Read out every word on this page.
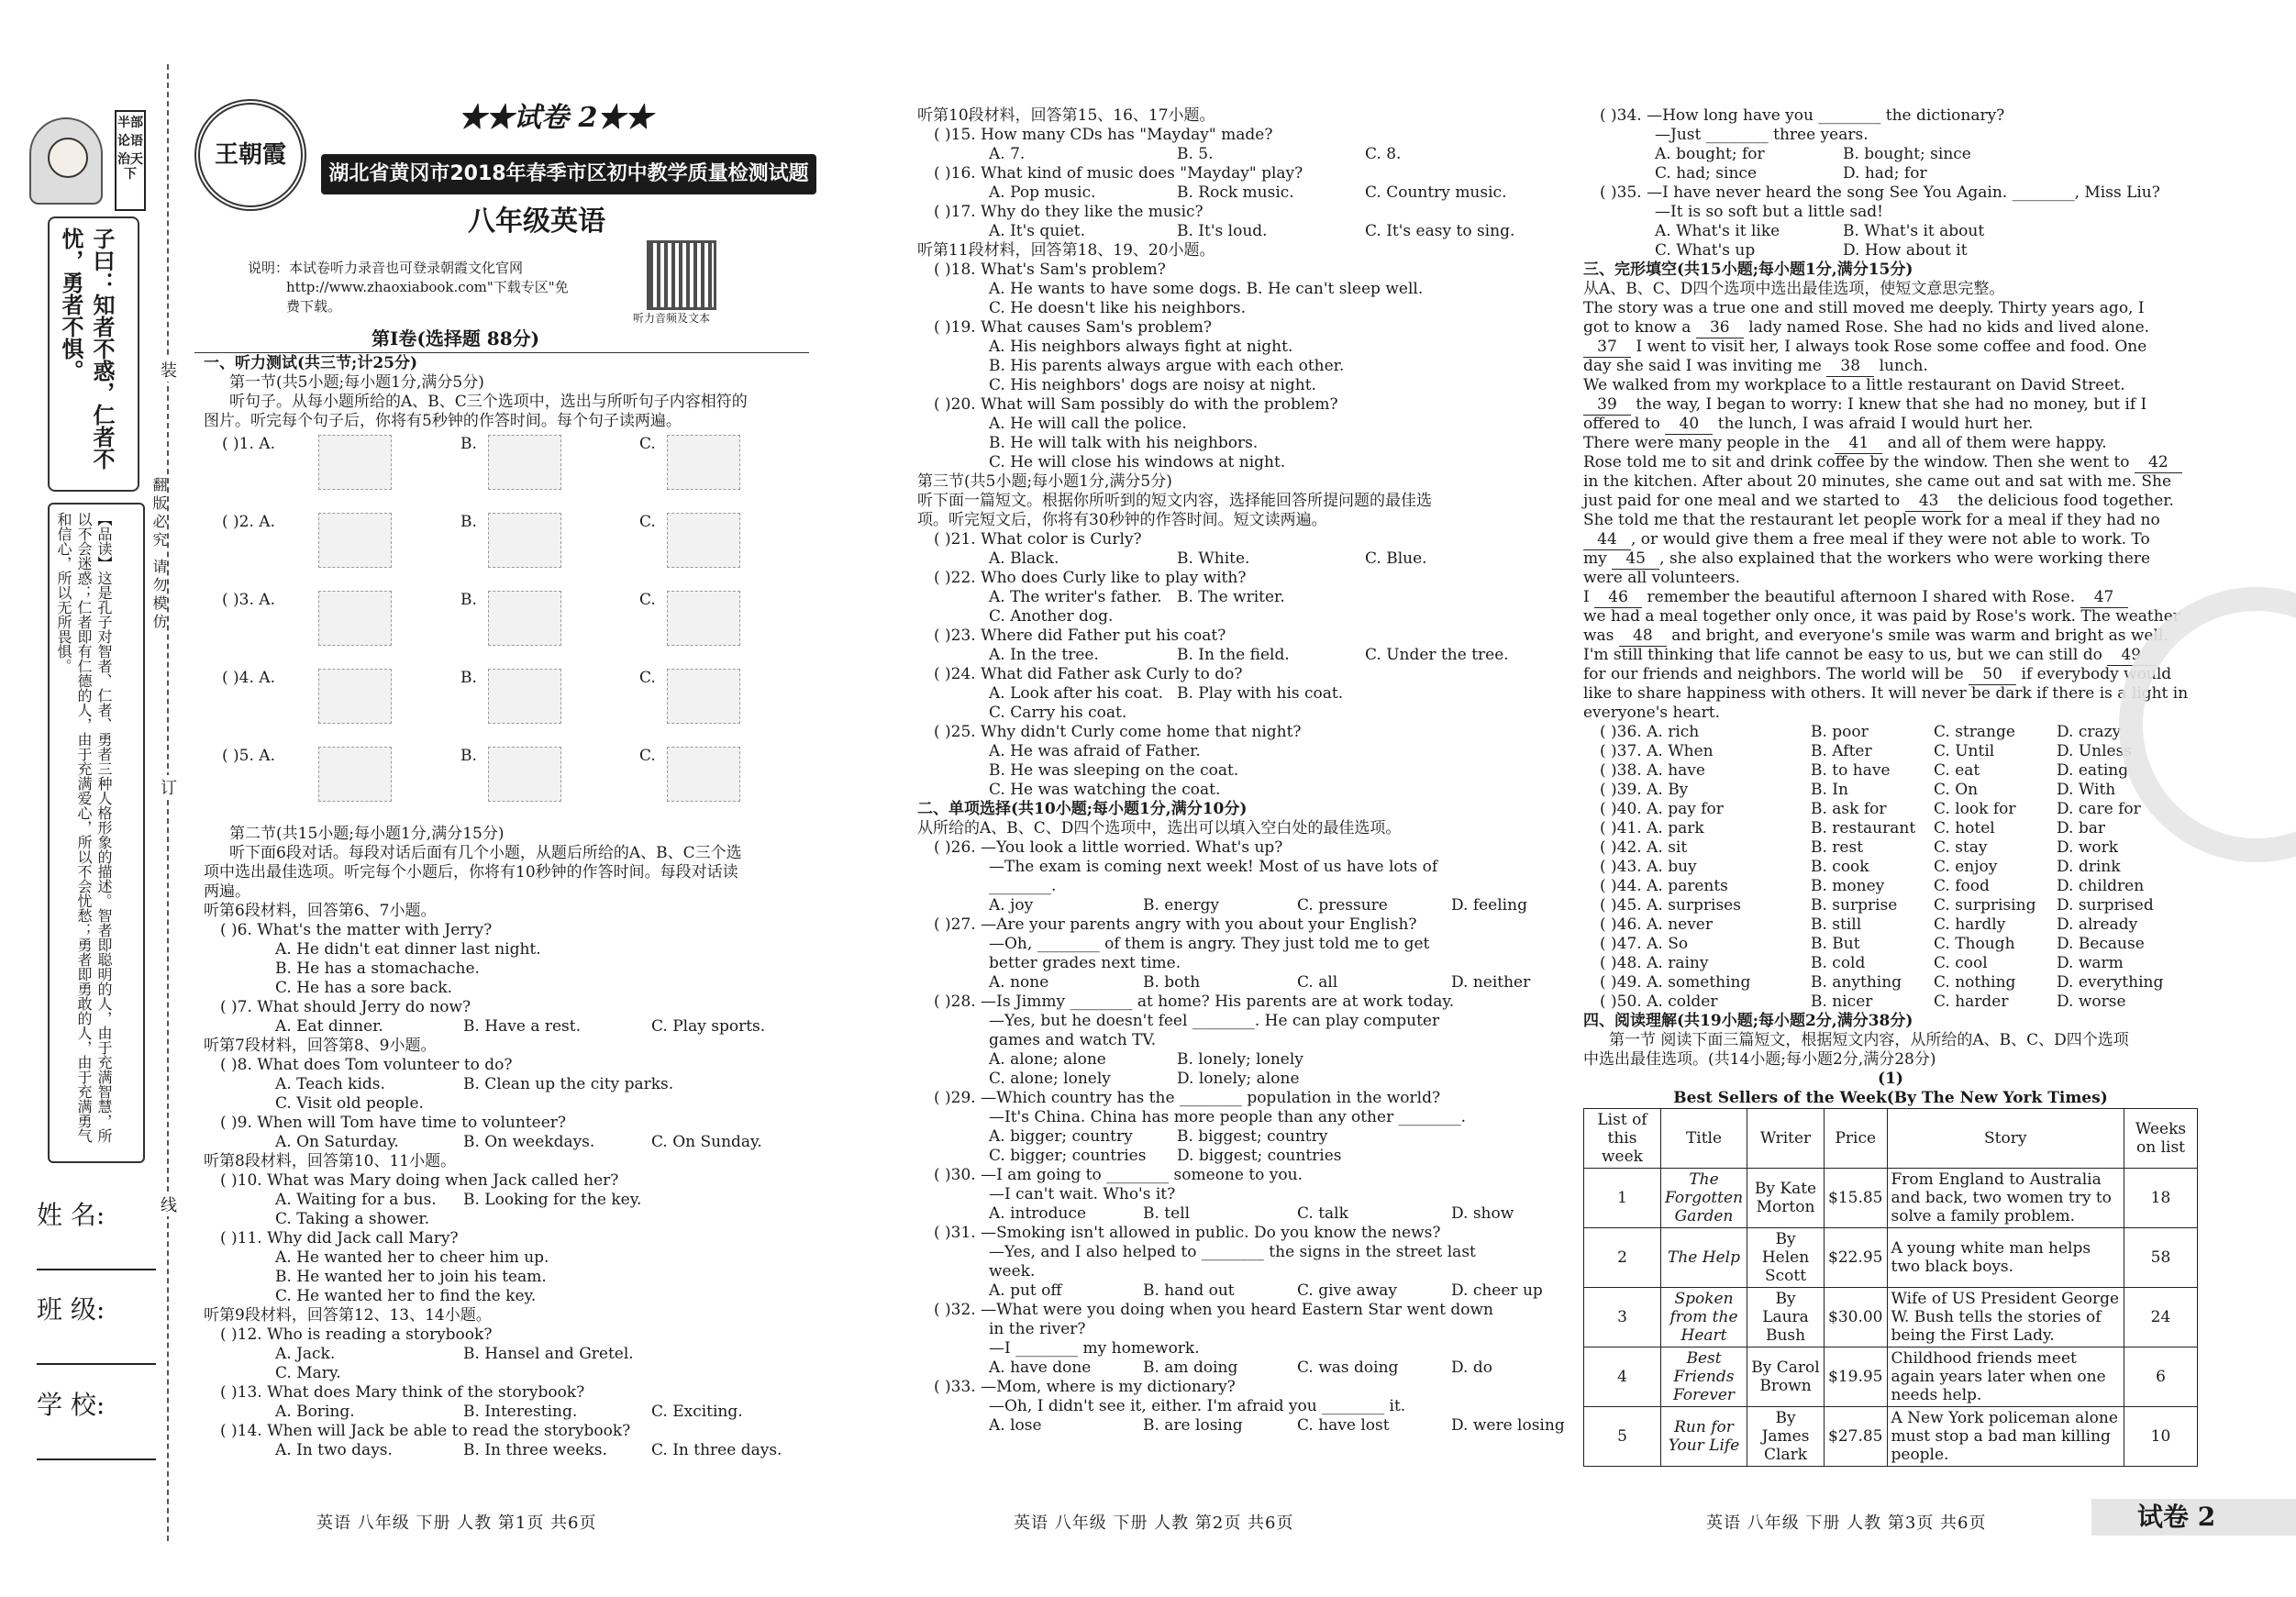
半部
论语
治天下
子曰：知者不惑，仁者不忧，勇者不惧。
【品读】这是孔子对智者、仁者、勇者三种人格形象的描述。智者即聪明的人，由于充满智慧，所以不会迷惑；仁者即有仁德的人，由于充满爱心，所以不会忧愁；勇者即勇敢的人，由于充满勇气和信心，所以无所畏惧。
装
订
线
翻版必究 请勿模仿
姓 名:
班 级:
学 校:
王朝霞
★★试卷 2★★
湖北省黄冈市2018年春季市区初中教学质量检测试题
八年级英语
说明：本试卷听力录音也可登录朝霞文化官网
http://www.zhaoxiabook.com"下载专区"免
费下载。
听力音频及文本
第Ⅰ卷(选择题 88分)
一、听力测试(共三节;计25分)
第一节(共5小题;每小题1分,满分5分)
听句子。从每小题所给的A、B、C三个选项中，选出与所听句子内容相符的
图片。听完每个句子后，你将有5秒钟的作答时间。每个句子读两遍。
( )1. A.	B.	C.
( )2. A.	B.	C.
( )3. A.	B.	C.
( )4. A.	B.	C.
( )5. A.	B.	C.
第二节(共15小题;每小题1分,满分15分)
听下面6段对话。每段对话后面有几个小题，从题后所给的A、B、C三个选
项中选出最佳选项。听完每个小题后，你将有10秒钟的作答时间。每段对话读
两遍。
听第6段材料，回答第6、7小题。
( )6. What's the matter with Jerry?
A. He didn't eat dinner last night.
B. He has a stomachache.
C. He has a sore back.
( )7. What should Jerry do now?
A. Eat dinner.	B. Have a rest.	C. Play sports.
听第7段材料，回答第8、9小题。
( )8. What does Tom volunteer to do?
A. Teach kids.	B. Clean up the city parks.
C. Visit old people.
( )9. When will Tom have time to volunteer?
A. On Saturday.	B. On weekdays.	C. On Sunday.
听第8段材料，回答第10、11小题。
( )10. What was Mary doing when Jack called her?
A. Waiting for a bus. B. Looking for the key.
C. Taking a shower.
( )11. Why did Jack call Mary?
A. He wanted her to cheer him up.
B. He wanted her to join his team.
C. He wanted her to find the key.
听第9段材料，回答第12、13、14小题。
( )12. Who is reading a storybook?
A. Jack.	B. Hansel and Gretel.
C. Mary.
( )13. What does Mary think of the storybook?
A. Boring.	B. Interesting.	C. Exciting.
( )14. When will Jack be able to read the storybook?
A. In two days.	B. In three weeks.	C. In three days.
听第10段材料，回答第15、16、17小题。
( )15. How many CDs has "Mayday" made?
A. 7.	B. 5.	C. 8.
( )16. What kind of music does "Mayday" play?
A. Pop music.	B. Rock music.	C. Country music.
( )17. Why do they like the music?
A. It's quiet.	B. It's loud.	C. It's easy to sing.
听第11段材料，回答第18、19、20小题。
( )18. What's Sam's problem?
A. He wants to have some dogs. B. He can't sleep well.
C. He doesn't like his neighbors.
( )19. What causes Sam's problem?
A. His neighbors always fight at night.
B. His parents always argue with each other.
C. His neighbors' dogs are noisy at night.
( )20. What will Sam possibly do with the problem?
A. He will call the police.
B. He will talk with his neighbors.
C. He will close his windows at night.
第三节(共5小题;每小题1分,满分5分)
听下面一篇短文。根据你所听到的短文内容，选择能回答所提问题的最佳选
项。听完短文后，你将有30秒钟的作答时间。短文读两遍。
( )21. What color is Curly?
A. Black.	B. White.	C. Blue.
( )22. Who does Curly like to play with?
A. The writer's father. B. The writer.
C. Another dog.
( )23. Where did Father put his coat?
A. In the tree.	B. In the field.	C. Under the tree.
( )24. What did Father ask Curly to do?
A. Look after his coat. B. Play with his coat.
C. Carry his coat.
( )25. Why didn't Curly come home that night?
A. He was afraid of Father.
B. He was sleeping on the coat.
C. He was watching the coat.
二、单项选择(共10小题;每小题1分,满分10分)
从所给的A、B、C、D四个选项中，选出可以填入空白处的最佳选项。
( )26. —You look a little worried. What's up?
—The exam is coming next week! Most of us have lots of
________.
A. joy	B. energy	C. pressure	D. feeling
( )27. —Are your parents angry with you about your English?
—Oh, ________ of them is angry. They just told me to get
better grades next time.
A. none	B. both	C. all	D. neither
( )28. —Is Jimmy ________ at home? His parents are at work today.
—Yes, but he doesn't feel ________. He can play computer
games and watch TV.
A. alone; alone	B. lonely; lonely
C. alone; lonely	D. lonely; alone
( )29. —Which country has the ________ population in the world?
—It's China. China has more people than any other ________.
A. bigger; country	B. biggest; country
C. bigger; countries D. biggest; countries
( )30. —I am going to ________ someone to you.
—I can't wait. Who's it?
A. introduce	B. tell	C. talk	D. show
( )31. —Smoking isn't allowed in public. Do you know the news?
—Yes, and I also helped to ________ the signs in the street last
week.
A. put off	B. hand out	C. give away	D. cheer up
( )32. —What were you doing when you heard Eastern Star went down
in the river?
—I ________ my homework.
A. have done	B. am doing	C. was doing	D. do
( )33. —Mom, where is my dictionary?
—Oh, I didn't see it, either. I'm afraid you ________ it.
A. lose	B. are losing	C. have lost	D. were losing
( )34. —How long have you ________ the dictionary?
—Just ________ three years.
A. bought; for	B. bought; since
C. had; since	D. had; for
( )35. —I have never heard the song See You Again. ________, Miss Liu?
—It is so soft but a little sad!
A. What's it like	B. What's it about
C. What's up	D. How about it
三、完形填空(共15小题;每小题1分,满分15分)
从A、B、C、D四个选项中选出最佳选项，使短文意思完整。
The story was a true one and still moved me deeply. Thirty years ago, I
got to know a 36 lady named Rose. She had no kids and lived alone.
37 I went to visit her, I always took Rose some coffee and food. One
day she said I was inviting me 38 lunch.
We walked from my workplace to a little restaurant on David Street.
39 the way, I began to worry: I knew that she had no money, but if I
offered to 40 the lunch, I was afraid I would hurt her.
There were many people in the 41 and all of them were happy.
Rose told me to sit and drink coffee by the window. Then she went to 42
in the kitchen. After about 20 minutes, she came out and sat with me. She
just paid for one meal and we started to 43 the delicious food together.
She told me that the restaurant let people work for a meal if they had no
44 , or would give them a free meal if they were not able to work. To
my 45 , she also explained that the workers who were working there
were all volunteers.
I 46 remember the beautiful afternoon I shared with Rose. 47
we had a meal together only once, it was paid by Rose's work. The weather
was 48 and bright, and everyone's smile was warm and bright as well.
I'm still thinking that life cannot be easy to us, but we can still do 49
for our friends and neighbors. The world will be 50 if everybody would
like to share happiness with others. It will never be dark if there is a light in
everyone's heart.
( )36. A. rich	B. poor	C. strange	D. crazy
( )37. A. When	B. After	C. Until	D. Unless
( )38. A. have	B. to have	C. eat	D. eating
( )39. A. By	B. In	C. On	D. With
( )40. A. pay for	B. ask for	C. look for	D. care for
( )41. A. park	B. restaurant C. hotel	D. bar
( )42. A. sit	B. rest	C. stay	D. work
( )43. A. buy	B. cook	C. enjoy	D. drink
( )44. A. parents	B. money	C. food	D. children
( )45. A. surprises	B. surprise C. surprising D. surprised
( )46. A. never	B. still	C. hardly	D. already
( )47. A. So	B. But	C. Though	D. Because
( )48. A. rainy	B. cold	C. cool	D. warm
( )49. A. something	B. anything C. nothing	D. everything
( )50. A. colder	B. nicer	C. harder	D. worse
四、阅读理解(共19小题;每小题2分,满分38分)
第一节 阅读下面三篇短文，根据短文内容，从所给的A、B、C、D四个选项
中选出最佳选项。(共14小题;每小题2分,满分28分)
(1)
Best Sellers of the Week(By The New York Times)
List of this week	Title	Writer	Price	Story	Weeks on list
1	The Forgotten Garden	By Kate Morton	$15.85	From England to Australia and back, two women try to solve a family problem.	18
2	The Help	By Helen Scott	$22.95	A young white man helps two black boys.	58
3	Spoken from the Heart	By Laura Bush	$30.00	Wife of US President George W. Bush tells the stories of being the First Lady.	24
4	Best Friends Forever	By Carol Brown	$19.95	Childhood friends meet again years later when one needs help.	6
5	Run for Your Life	By James Clark	$27.85	A New York policeman alone must stop a bad man killing people.	10
英语 八年级 下册 人教 第1页 共6页	英语 八年级 下册 人教 第2页 共6页	英语 八年级 下册 人教 第3页 共6页	试卷 2
